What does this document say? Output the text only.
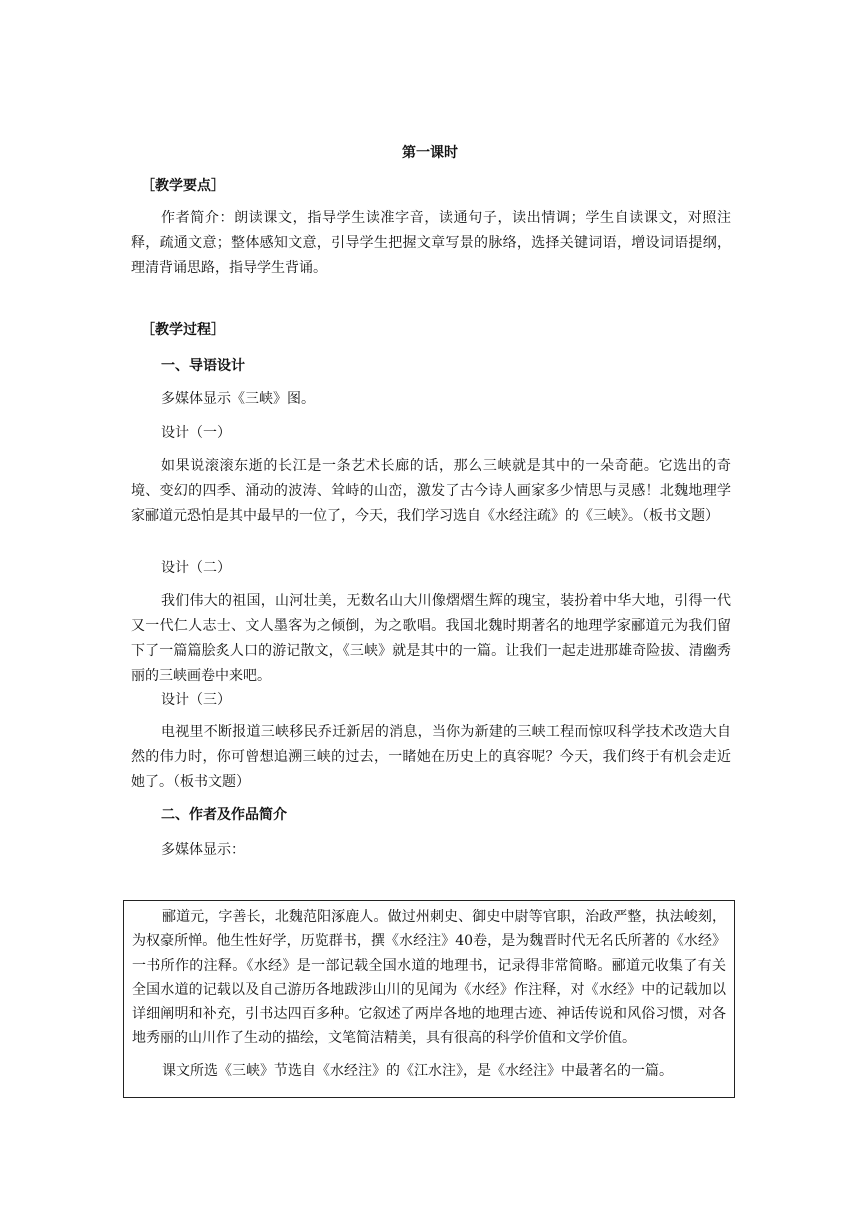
第一课时
［教学要点］

作者简介：朗读课文，指导学生读准字音，读通句子，读出情调；学生自读课文，对照注释，疏通文意；整体感知文意，引导学生把握文章写景的脉络，选择关键词语，增设词语提纲，理清背诵思路，指导学生背诵。

［教学过程］
一、导语设计
多媒体显示《三峡》图。
设计（一）

如果说滚滚东逝的长江是一条艺术长廊的话，那么三峡就是其中的一朵奇葩。它选出的奇境、变幻的四季、涌动的波涛、耸峙的山峦，激发了古今诗人画家多少情思与灵感！北魏地理学家郦道元恐怕是其中最早的一位了，今天，我们学习选自《水经注疏》的《三峡》。（板书文题）

设计（二）

我们伟大的祖国，山河壮美，无数名山大川像熠熠生辉的瑰宝，装扮着中华大地，引得一代又一代仁人志士、文人墨客为之倾倒，为之歌唱。我国北魏时期著名的地理学家郦道元为我们留下了一篇篇脍炙人口的游记散文，《三峡》就是其中的一篇。让我们一起走进那雄奇险拔、清幽秀丽的三峡画卷中来吧。

设计（三）

电视里不断报道三峡移民乔迁新居的消息，当你为新建的三峡工程而惊叹科学技术改造大自然的伟力时，你可曾想追溯三峡的过去，一睹她在历史上的真容呢？今天，我们终于有机会走近她了。（板书文题）

二、作者及作品简介
多媒体显示：

郦道元，字善长，北魏范阳涿鹿人。做过州刺史、御史中尉等官职，治政严整，执法峻刻，为权豪所惮。他生性好学，历览群书，撰《水经注》40卷，是为魏晋时代无名氏所著的《水经》一书所作的注释。《水经》是一部记载全国水道的地理书，记录得非常简略。郦道元收集了有关全国水道的记载以及自己游历各地跋涉山川的见闻为《水经》作注释，对《水经》中的记载加以详细阐明和补充，引书达四百多种。它叙述了两岸各地的地理古迹、神话传说和风俗习惯，对各地秀丽的山川作了生动的描绘，文笔简洁精美，具有很高的科学价值和文学价值。

课文所选《三峡》节选自《水经注》的《江水注》，是《水经注》中最著名的一篇。
